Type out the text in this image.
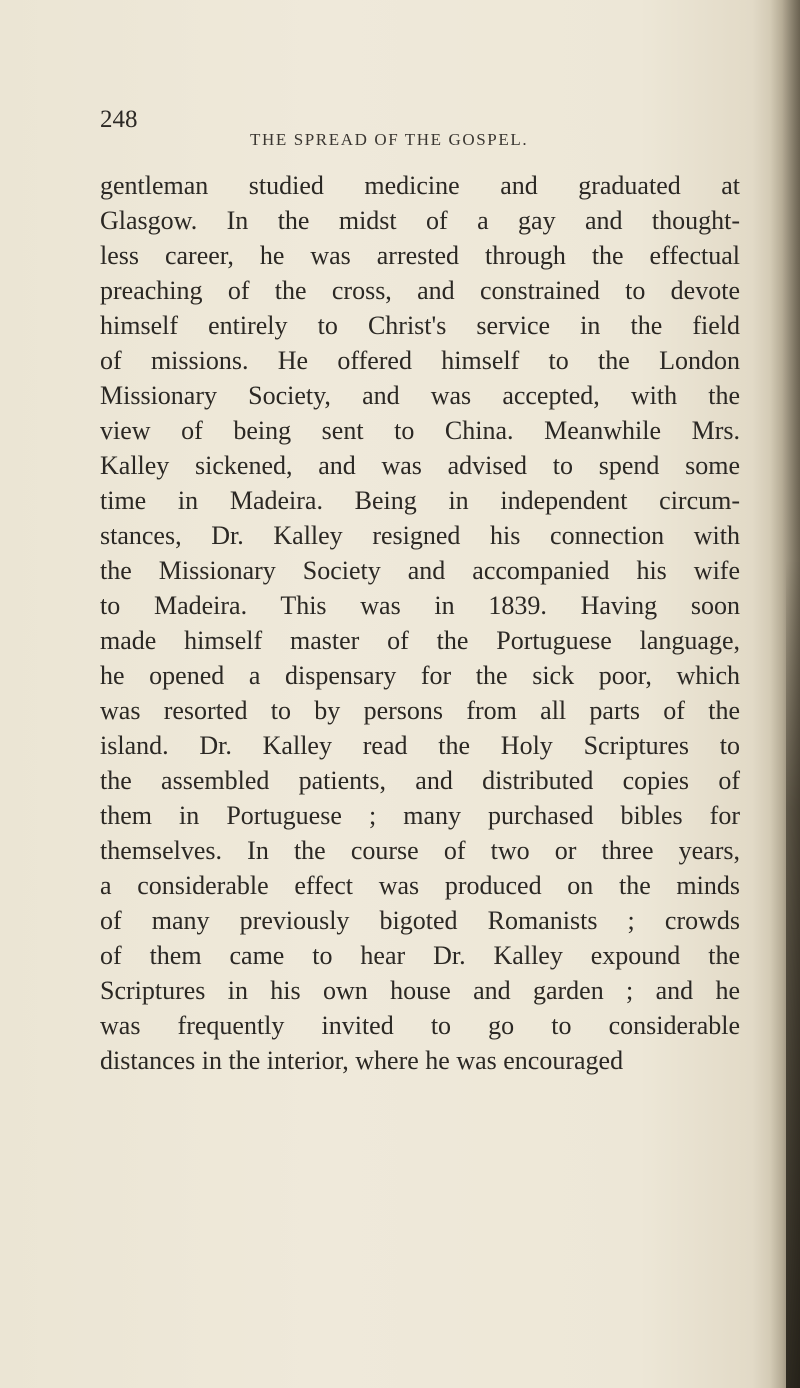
248
THE SPREAD OF THE GOSPEL.
gentleman studied medicine and graduated at
Glasgow. In the midst of a gay and thought-
less career, he was arrested through the effectual
preaching of the cross, and constrained to devote
himself entirely to Christ's service in the field
of missions. He offered himself to the London
Missionary Society, and was accepted, with the
view of being sent to China. Meanwhile Mrs.
Kalley sickened, and was advised to spend some
time in Madeira. Being in independent circum-
stances, Dr. Kalley resigned his connection with
the Missionary Society and accompanied his wife
to Madeira. This was in 1839. Having soon
made himself master of the Portuguese language,
he opened a dispensary for the sick poor, which
was resorted to by persons from all parts of the
island. Dr. Kalley read the Holy Scriptures to
the assembled patients, and distributed copies of
them in Portuguese ; many purchased bibles for
themselves. In the course of two or three years,
a considerable effect was produced on the minds
of many previously bigoted Romanists ; crowds
of them came to hear Dr. Kalley expound the
Scriptures in his own house and garden ; and he
was frequently invited to go to considerable
distances in the interior, where he was encouraged
